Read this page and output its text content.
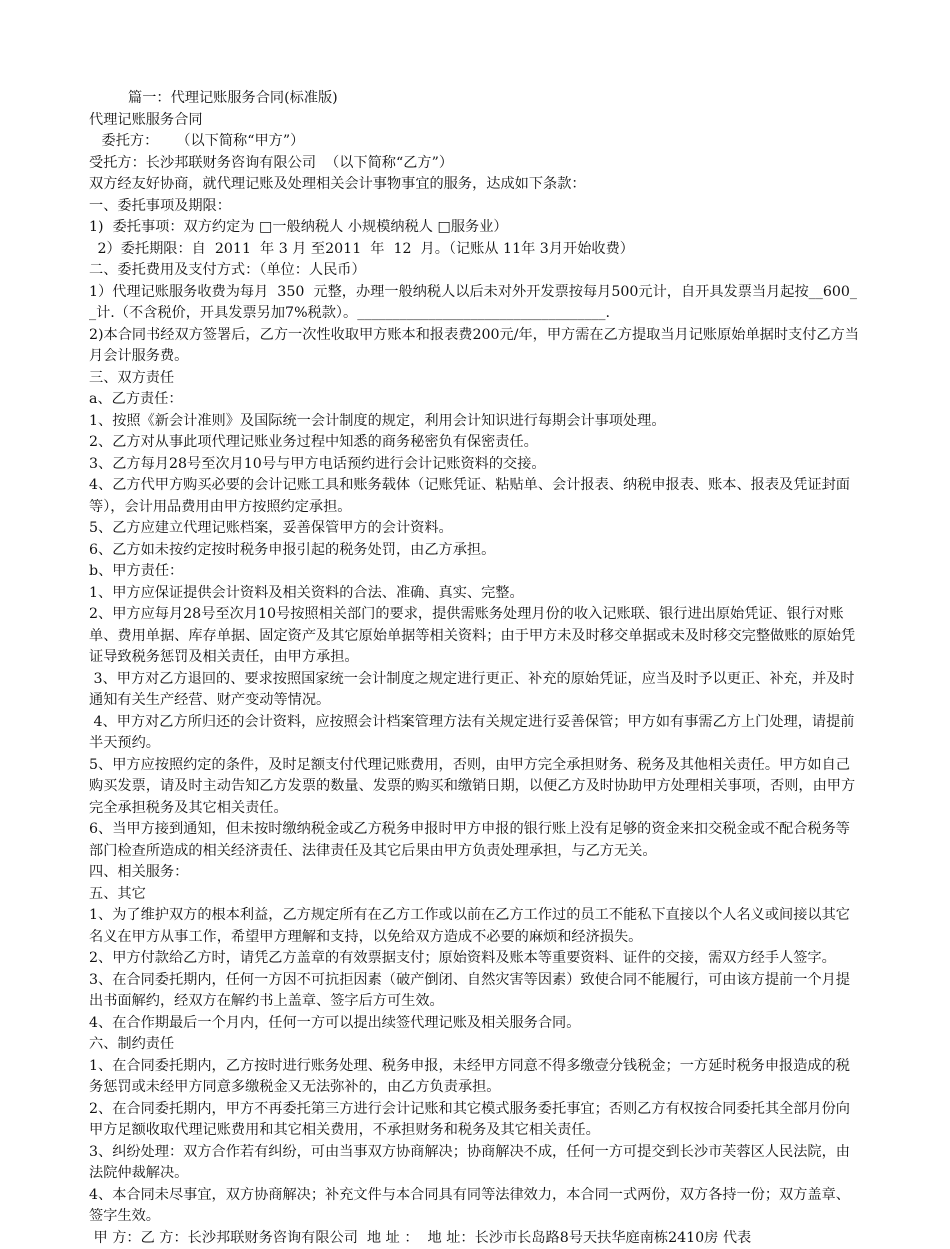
篇一：代理记账服务合同(标准版)
代理记账服务合同
委托方：    （以下简称“甲方”）
受托方：长沙邦联财务咨询有限公司  （以下简称“乙方”）
双方经友好协商，就代理记账及处理相关会计事物事宜的服务，达成如下条款：
一、委托事项及期限：
1)  委托事项：双方约定为 □一般纳税人 小规模纳税人 □服务业）
2）委托期限：自  2011  年 3 月 至2011  年  12  月。（记账从 11年 3月开始收费）
二、委托费用及支付方式：（单位：人民币）
1）代理记账服务收费为每月  350  元整，办理一般纳税人以后未对外开发票按每月500元计，自开具发票当月起按__600__计.（不含税价，开具发票另加7%税款）。___________________________________.
2)本合同书经双方签署后，乙方一次性收取甲方账本和报表费200元/年，甲方需在乙方提取当月记账原始单据时支付乙方当月会计服务费。
三、双方责任
a、乙方责任：
1、按照《新会计准则》及国际统一会计制度的规定，利用会计知识进行每期会计事项处理。
2、乙方对从事此项代理记账业务过程中知悉的商务秘密负有保密责任。
3、乙方每月28号至次月10号与甲方电话预约进行会计记账资料的交接。
4、乙方代甲方购买必要的会计记账工具和账务载体（记账凭证、粘贴单、会计报表、纳税申报表、账本、报表及凭证封面等），会计用品费用由甲方按照约定承担。
5、乙方应建立代理记账档案，妥善保管甲方的会计资料。
6、乙方如未按约定按时税务申报引起的税务处罚，由乙方承担。
b、甲方责任：
1、甲方应保证提供会计资料及相关资料的合法、准确、真实、完整。
2、甲方应每月28号至次月10号按照相关部门的要求，提供需账务处理月份的收入记账联、银行进出原始凭证、银行对账单、费用单据、库存单据、固定资产及其它原始单据等相关资料；由于甲方未及时移交单据或未及时移交完整做账的原始凭证导致税务惩罚及相关责任，由甲方承担。
3、甲方对乙方退回的、要求按照国家统一会计制度之规定进行更正、补充的原始凭证，应当及时予以更正、补充，并及时通知有关生产经营、财产变动等情况。
4、甲方对乙方所归还的会计资料，应按照会计档案管理方法有关规定进行妥善保管；甲方如有事需乙方上门处理，请提前半天预约。
5、甲方应按照约定的条件，及时足额支付代理记账费用，否则，由甲方完全承担财务、税务及其他相关责任。甲方如自己购买发票，请及时主动告知乙方发票的数量、发票的购买和缴销日期，以便乙方及时协助甲方处理相关事项，否则，由甲方完全承担税务及其它相关责任。
6、当甲方接到通知，但未按时缴纳税金或乙方税务申报时甲方申报的银行账上没有足够的资金来扣交税金或不配合税务等部门检查所造成的相关经济责任、法律责任及其它后果由甲方负责处理承担，与乙方无关。
四、相关服务：
五、其它
1、为了维护双方的根本利益，乙方规定所有在乙方工作或以前在乙方工作过的员工不能私下直接以个人名义或间接以其它名义在甲方从事工作，希望甲方理解和支持，以免给双方造成不必要的麻烦和经济损失。
2、甲方付款给乙方时，请凭乙方盖章的有效票据支付；原始资料及账本等重要资料、证件的交接，需双方经手人签字。
3、在合同委托期内，任何一方因不可抗拒因素（破产倒闭、自然灾害等因素）致使合同不能履行，可由该方提前一个月提出书面解约，经双方在解约书上盖章、签字后方可生效。
4、在合作期最后一个月内，任何一方可以提出续签代理记账及相关服务合同。
六、制约责任
1、在合同委托期内，乙方按时进行账务处理、税务申报，未经甲方同意不得多缴壹分钱税金；一方延时税务申报造成的税务惩罚或未经甲方同意多缴税金又无法弥补的，由乙方负责承担。
2、在合同委托期内，甲方不再委托第三方进行会计记账和其它模式服务委托事宜；否则乙方有权按合同委托其全部月份向甲方足额收取代理记账费用和其它相关费用，不承担财务和税务及其它相关责任。
3、纠纷处理：双方合作若有纠纷，可由当事双方协商解决；协商解决不成，任何一方可提交到长沙市芙蓉区人民法院，由法院仲裁解决。
4、本合同未尽事宜，双方协商解决；补充文件与本合同具有同等法律效力，本合同一式两份，双方各持一份；双方盖章、签字生效。
甲 方：乙 方：长沙邦联财务咨询有限公司  地 址 ：  地 址：长沙市长岛路8号天扶华庭南栋2410房 代表
